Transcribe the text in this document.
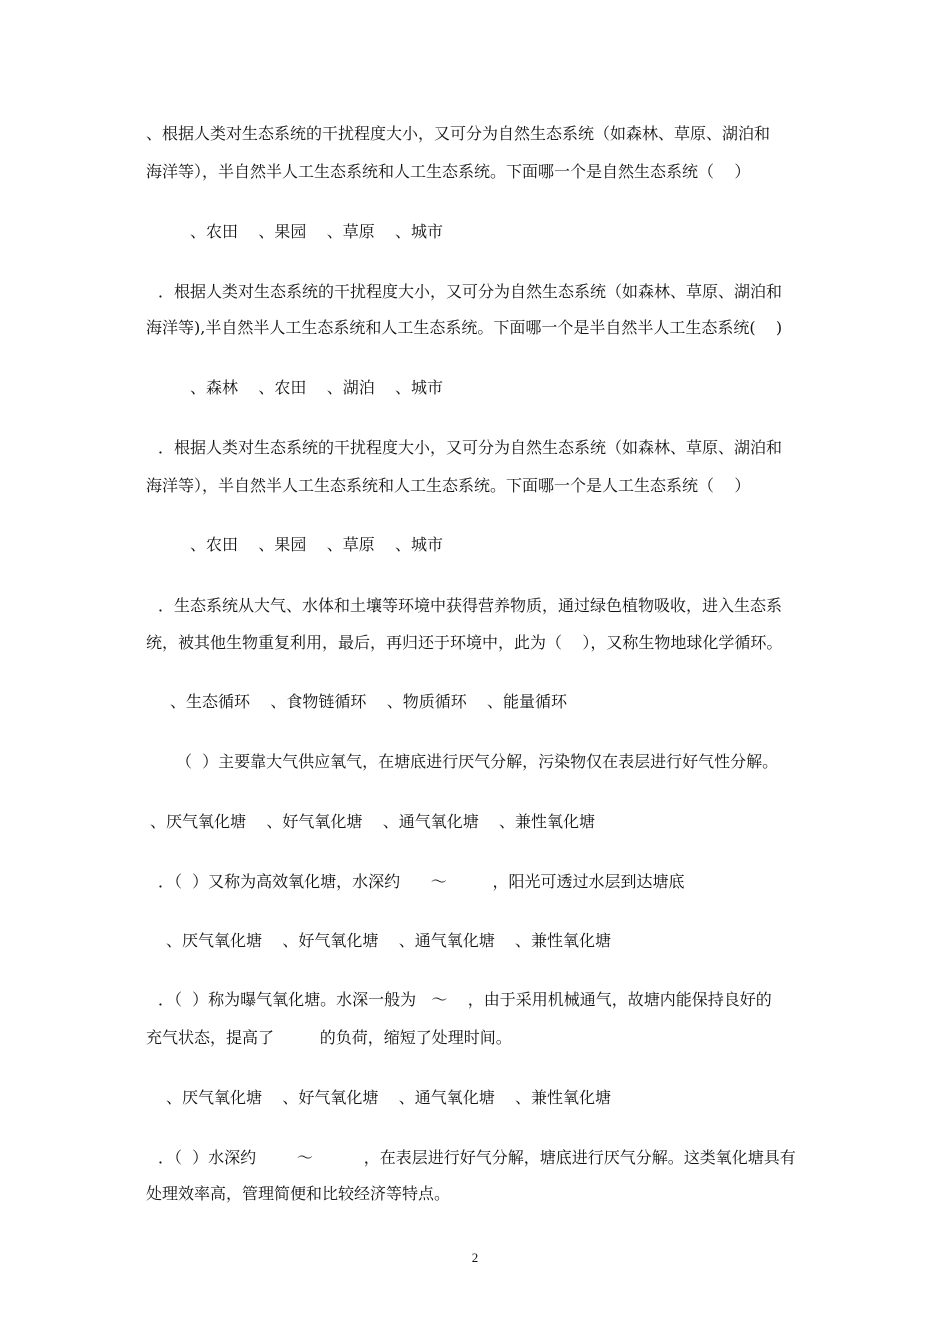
、根据人类对生态系统的干扰程度大小，又可分为自然生态系统（如森林、草原、湖泊和
海洋等），半自然半人工生态系统和人工生态系统。下面哪一个是自然生态系统（    ）
、农田    、果园    、草原    、城市
．根据人类对生态系统的干扰程度大小，又可分为自然生态系统（如森林、草原、湖泊和
海洋等),半自然半人工生态系统和人工生态系统。下面哪一个是半自然半人工生态系统(    )
、森林    、农田    、湖泊    、城市
．根据人类对生态系统的干扰程度大小，又可分为自然生态系统（如森林、草原、湖泊和
海洋等），半自然半人工生态系统和人工生态系统。下面哪一个是人工生态系统（    ）
、农田    、果园    、草原    、城市
．生态系统从大气、水体和土壤等环境中获得营养物质，通过绿色植物吸收，进入生态系
统，被其他生物重复利用，最后，再归还于环境中，此为（    ），又称生物地球化学循环。
、生态循环    、食物链循环    、物质循环    、能量循环
（  ）主要靠大气供应氧气，在塘底进行厌气分解，污染物仅在表层进行好气性分解。
、厌气氧化塘    、好气氧化塘    、通气氧化塘    、兼性氧化塘
．（  ）又称为高效氧化塘，水深约      ～         ，阳光可透过水层到达塘底
、厌气氧化塘    、好气氧化塘    、通气氧化塘    、兼性氧化塘
．（  ）称为曝气氧化塘。水深一般为   ～    ，由于采用机械通气，故塘内能保持良好的
充气状态，提高了         的负荷，缩短了处理时间。
、厌气氧化塘    、好气氧化塘    、通气氧化塘    、兼性氧化塘
．（  ）水深约        ～          ，在表层进行好气分解，塘底进行厌气分解。这类氧化塘具有
处理效率高，管理简便和比较经济等特点。
2
